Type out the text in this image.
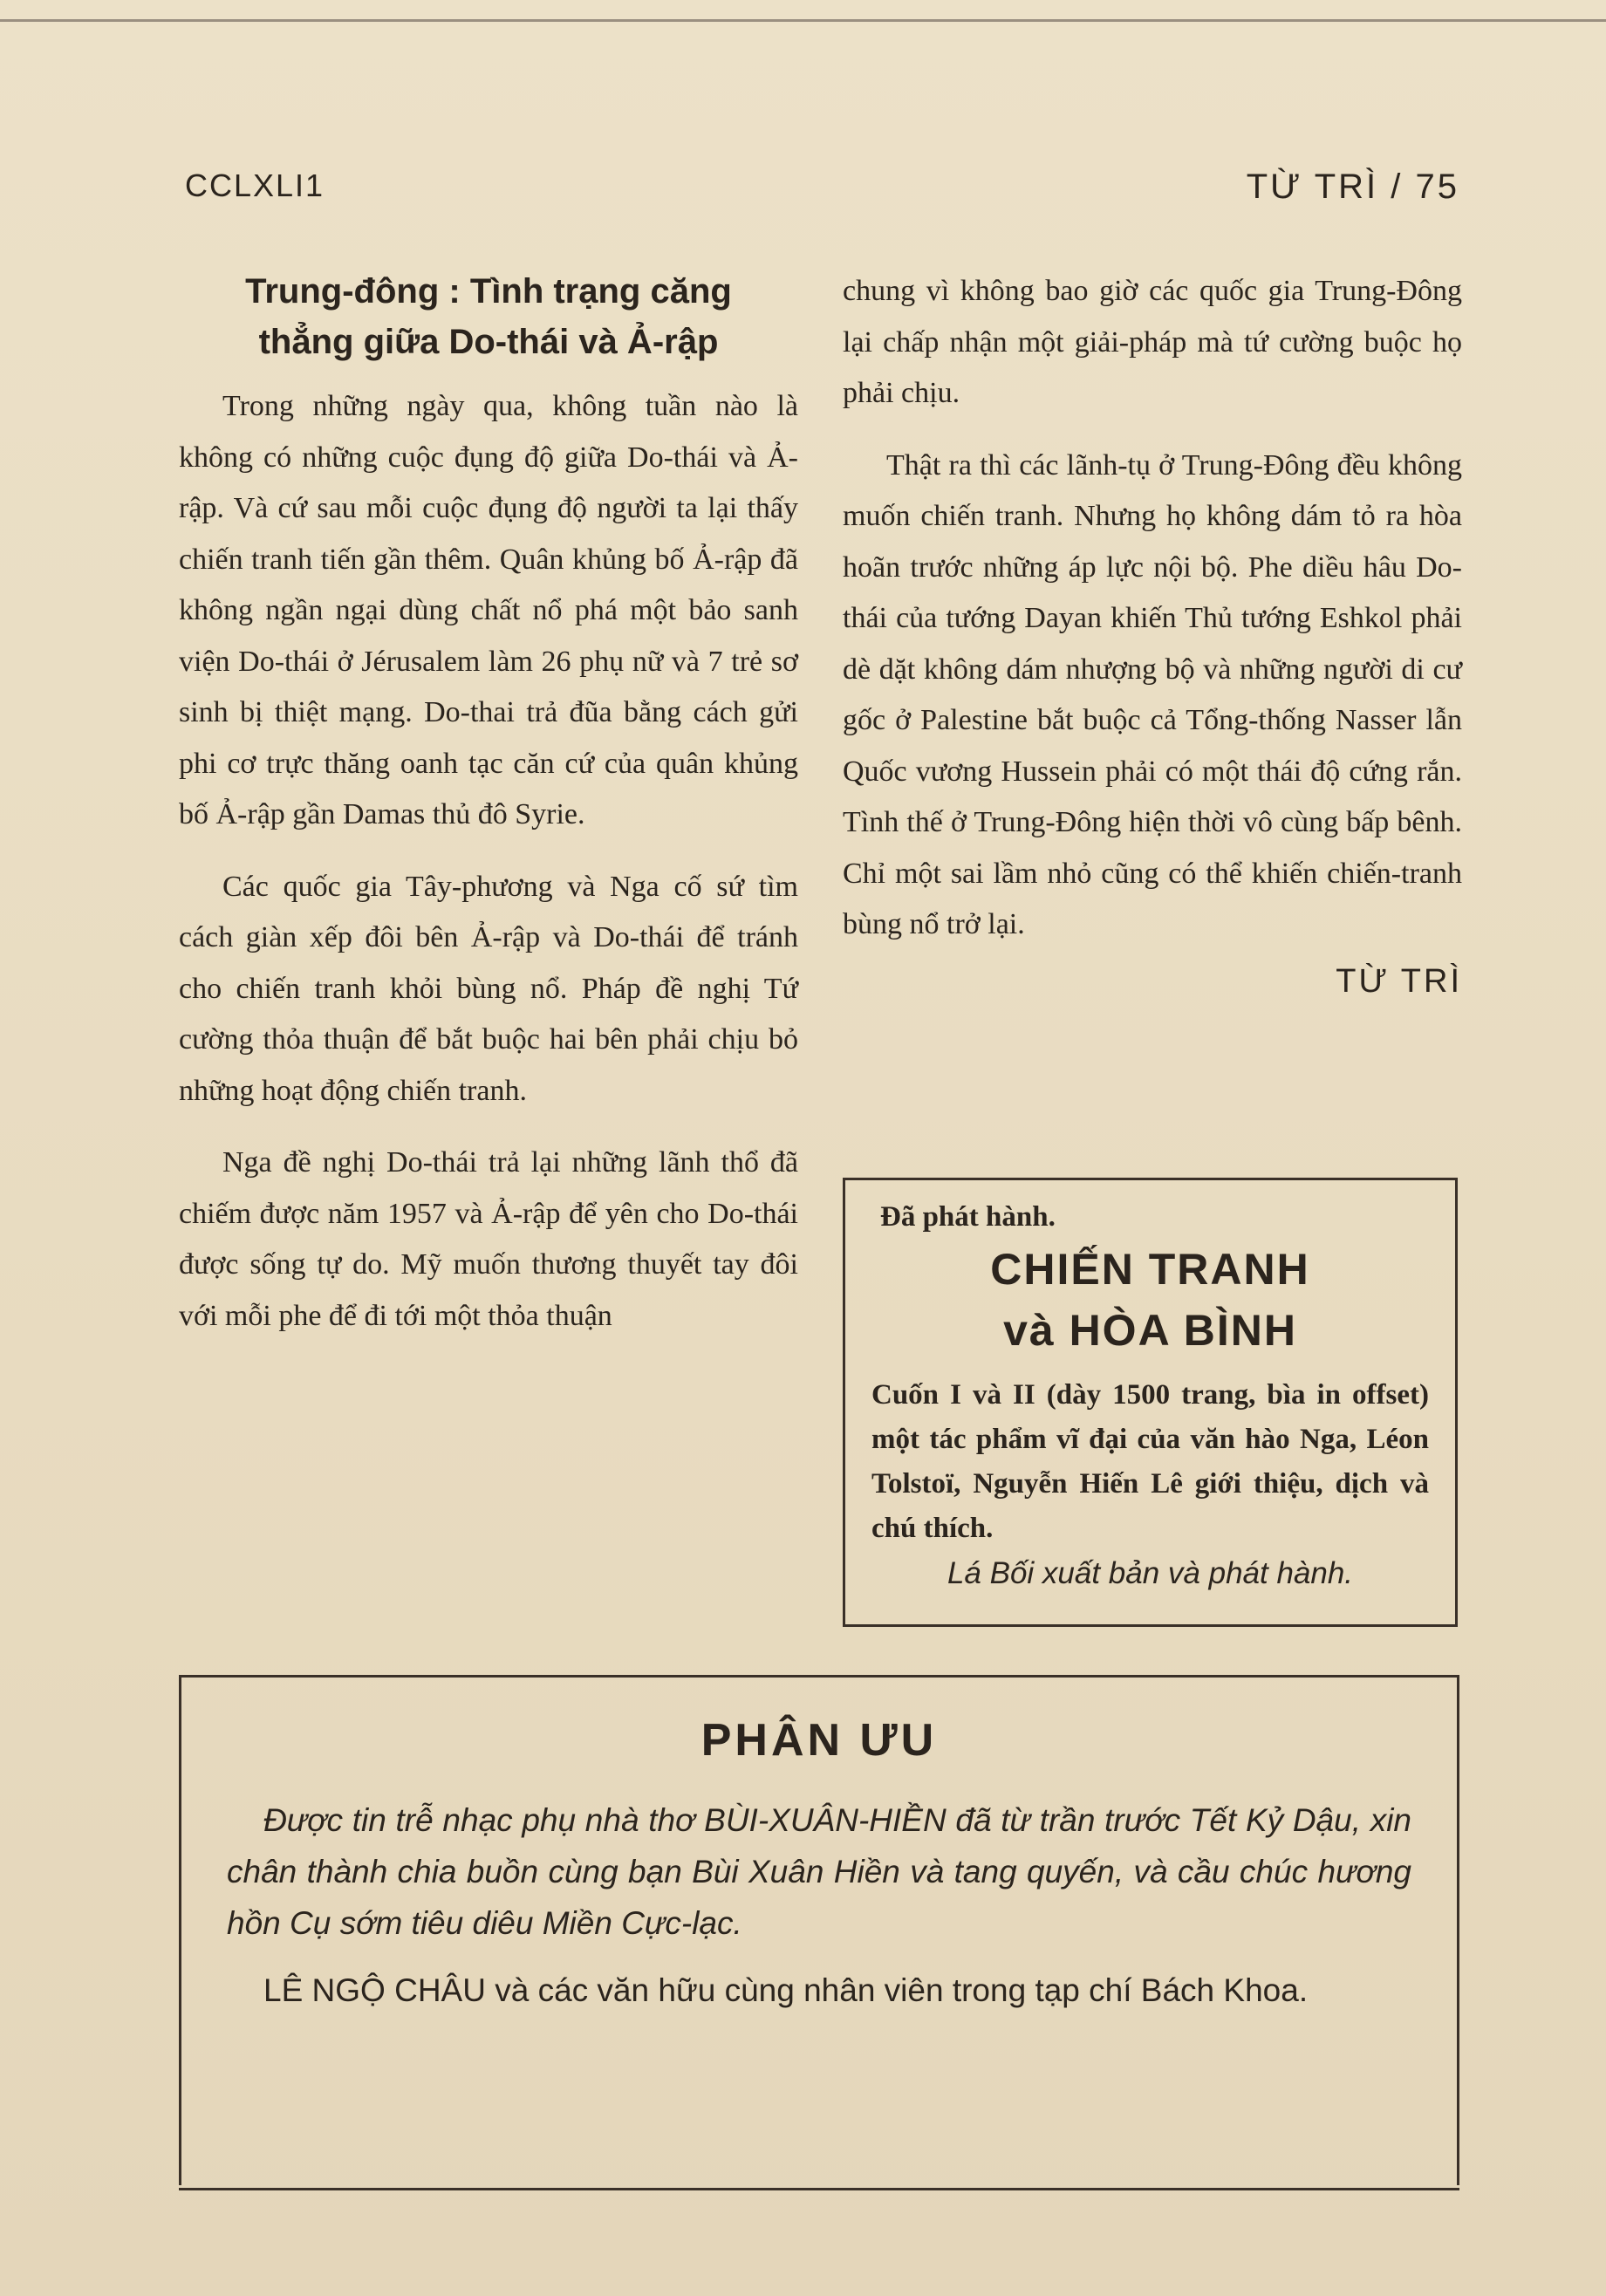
CCLXLI1	TỪ TRÌ / 75
Trung-đông : Tình trạng căng
thẳng giữa Do-thái và Ả-rập

Trong những ngày qua, không tuần nào là không có những cuộc đụng độ giữa Do-thái và Ả-rập. Và cứ sau mỗi cuộc đụng độ người ta lại thấy chiến tranh tiến gần thêm. Quân khủng bố Ả-rập đã không ngần ngại dùng chất nổ phá một bảo sanh viện Do-thái ở Jérusalem làm 26 phụ nữ và 7 trẻ sơ sinh bị thiệt mạng. Do-thai trả đũa bằng cách gửi phi cơ trực thăng oanh tạc căn cứ của quân khủng bố Ả-rập gần Damas thủ đô Syrie.

Các quốc gia Tây-phương và Nga cố sứ tìm cách giàn xếp đôi bên Ả-rập và Do-thái để tránh cho chiến tranh khỏi bùng nổ. Pháp đề nghị Tứ cường thỏa thuận để bắt buộc hai bên phải chịu bỏ những hoạt động chiến tranh.

Nga đề nghị Do-thái trả lại những lãnh thổ đã chiếm được năm 1957 và Ả-rập để yên cho Do-thái được sống tự do. Mỹ muốn thương thuyết tay đôi với mỗi phe để đi tới một thỏa thuận

chung vì không bao giờ các quốc gia Trung-Đông lại chấp nhận một giải-pháp mà tứ cường buộc họ phải chịu.

Thật ra thì các lãnh-tụ ở Trung-Đông đều không muốn chiến tranh. Nhưng họ không dám tỏ ra hòa hoãn trước những áp lực nội bộ. Phe diều hâu Do-thái của tướng Dayan khiến Thủ tướng Eshkol phải dè dặt không dám nhượng bộ và những người di cư gốc ở Palestine bắt buộc cả Tổng-thống Nasser lẫn Quốc vương Hussein phải có một thái độ cứng rắn. Tình thế ở Trung-Đông hiện thời vô cùng bấp bênh. Chỉ một sai lầm nhỏ cũng có thể khiến chiến-tranh bùng nổ trở lại.

TỪ TRÌ
Đã phát hành.
CHIẾN TRANH
và HÒA BÌNH
Cuốn I và II (dày 1500 trang, bìa in offset) một tác phẩm vĩ đại của văn hào Nga, Léon Tolstoï, Nguyễn Hiến Lê giới thiệu, dịch và chú thích.
Lá Bối xuất bản và phát hành.
PHÂN ƯU

Được tin trễ nhạc phụ nhà thơ BÙI-XUÂN-HIỀN đã từ trần trước Tết Kỷ Dậu, xin chân thành chia buồn cùng bạn Bùi Xuân Hiền và tang quyến, và cầu chúc hương hồn Cụ sớm tiêu diêu Miền Cực-lạc.

LÊ NGỘ CHÂU và các văn hữu cùng nhân viên trong tạp chí Bách Khoa.
